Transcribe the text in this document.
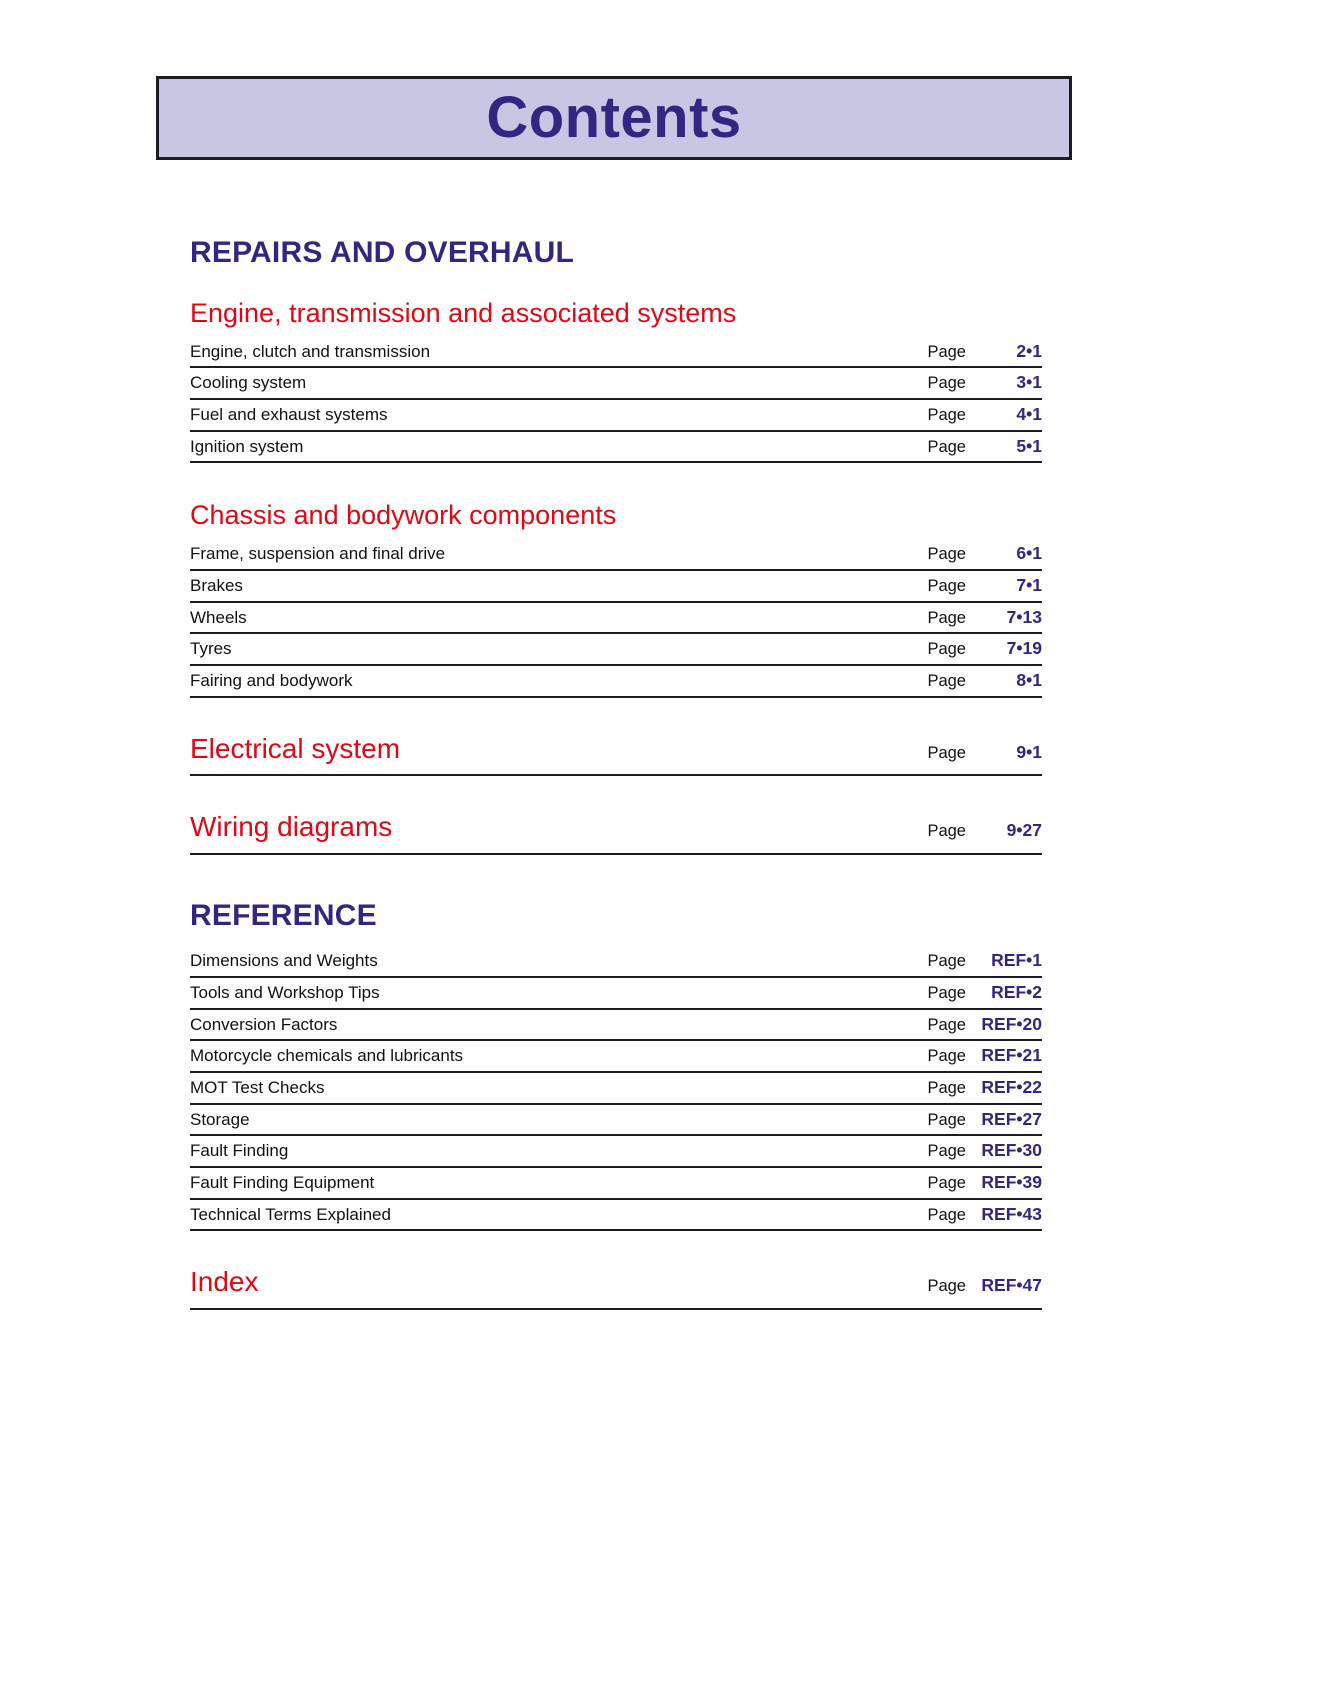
Contents
REPAIRS AND OVERHAUL
Engine, transmission and associated systems
Engine, clutch and transmission	Page	2•1
Cooling system	Page	3•1
Fuel and exhaust systems	Page	4•1
Ignition system	Page	5•1
Chassis and bodywork components
Frame, suspension and final drive	Page	6•1
Brakes	Page	7•1
Wheels	Page	7•13
Tyres	Page	7•19
Fairing and bodywork	Page	8•1
Electrical system	Page	9•1
Wiring diagrams	Page	9•27
REFERENCE
Dimensions and Weights	Page	REF•1
Tools and Workshop Tips	Page	REF•2
Conversion Factors	Page REF•20
Motorcycle chemicals and lubricants	Page REF•21
MOT Test Checks	Page REF•22
Storage	Page REF•27
Fault Finding	Page REF•30
Fault Finding Equipment	Page REF•39
Technical Terms Explained	Page REF•43
Index	Page REF•47
